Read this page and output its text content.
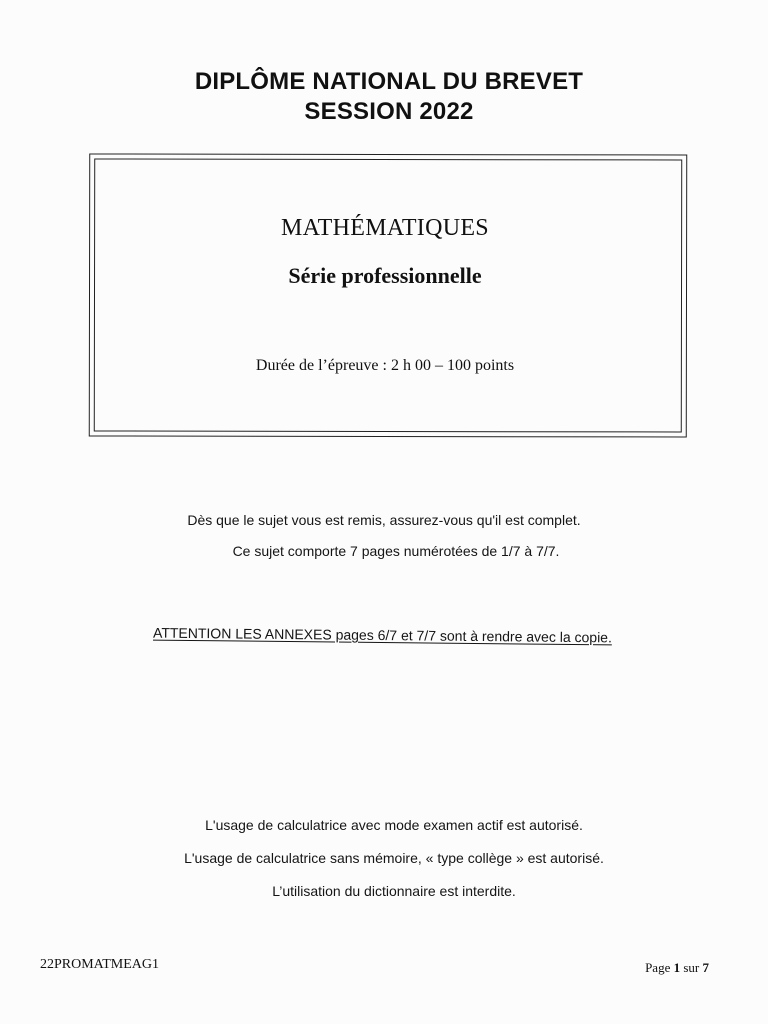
DIPLÔME NATIONAL DU BREVET
SESSION 2022
MATHÉMATIQUES
Série professionnelle
Durée de l’épreuve : 2 h 00 – 100 points
Dès que le sujet vous est remis, assurez-vous qu'il est complet.
Ce sujet comporte 7 pages numérotées de 1/7 à 7/7.
ATTENTION LES ANNEXES pages 6/7 et 7/7 sont à rendre avec la copie.
L'usage de calculatrice avec mode examen actif est autorisé.
L'usage de calculatrice sans mémoire, « type collège » est autorisé.
L’utilisation du dictionnaire est interdite.
22PROMATMEAG1	Page 1 sur 7
